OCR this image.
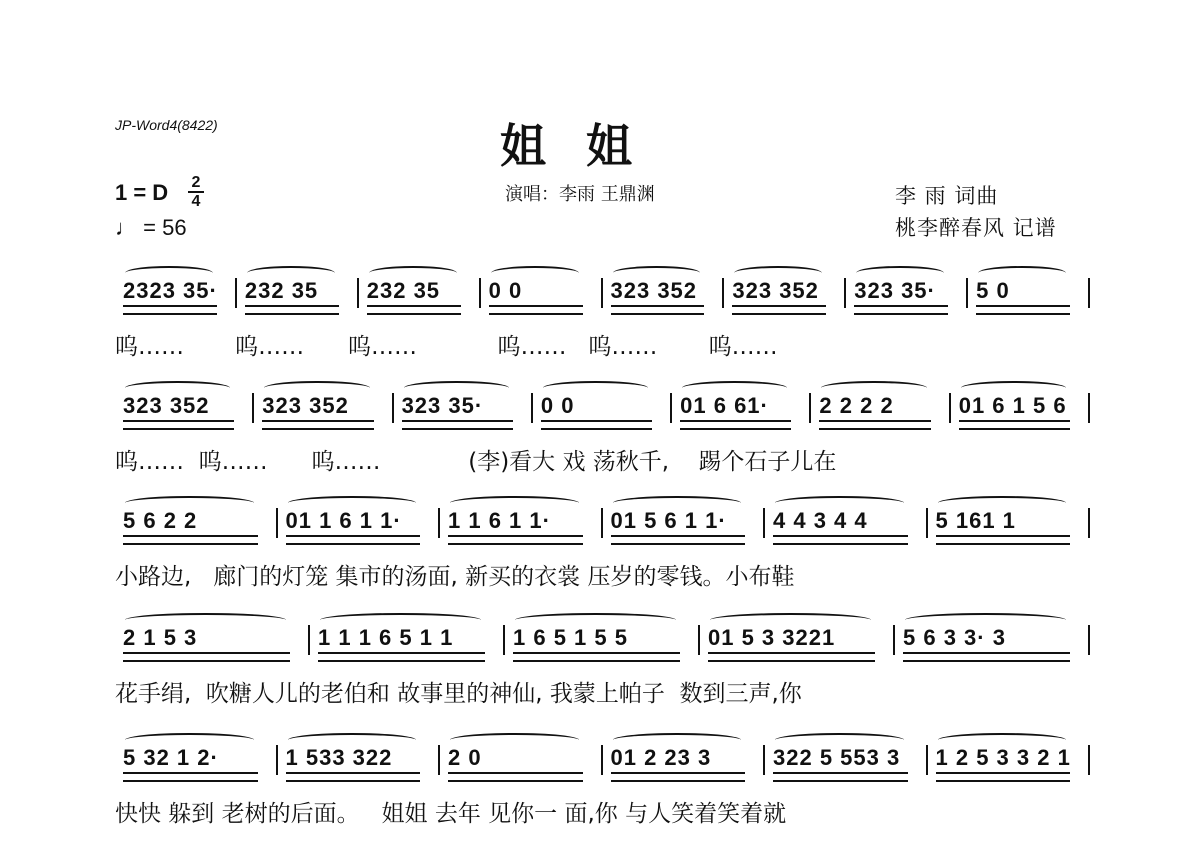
JP-Word4(8422)	姐姐
演唱：李雨 王鼎渊
1 = D	2
4
♩ = 56
李 雨 词曲
桃李醉春风 记谱
2323 35·	232 35	232 35	0 0	323 352	323 352	323 35·	5 0
呜……       呜……      呜……           呜……   呜……       呜……
323 352	323 352	323 35·	0 0	01 6 61·	2 2 2 2	01 6 1 5 6
呜……  呜……      呜……            (李)看大 戏 荡秋千,    踢个石子儿在
5 6 2 2	01 1 6 1 1·	1 1 6 1 1·	01 5 6 1 1·	4 4 3 4 4	5 161 1
小路边,   廊门的灯笼 集市的汤面, 新买的衣裳 压岁的零钱。小布鞋
2 1 5 3	1 1 1 6 5 1 1	1 6 5 1 5 5	01 5 3 3221	5 6 3 3· 3
花手绢,  吹糖人儿的老伯和 故事里的神仙, 我蒙上帕子  数到三声,你
5 32 1 2·	1 533 322	2 0	01 2 23 3	322 5 553 3	1 2 5 3 3 2 1
快快 躲到 老树的后面。   姐姐 去年 见你一 面,你 与人笑着笑着就
